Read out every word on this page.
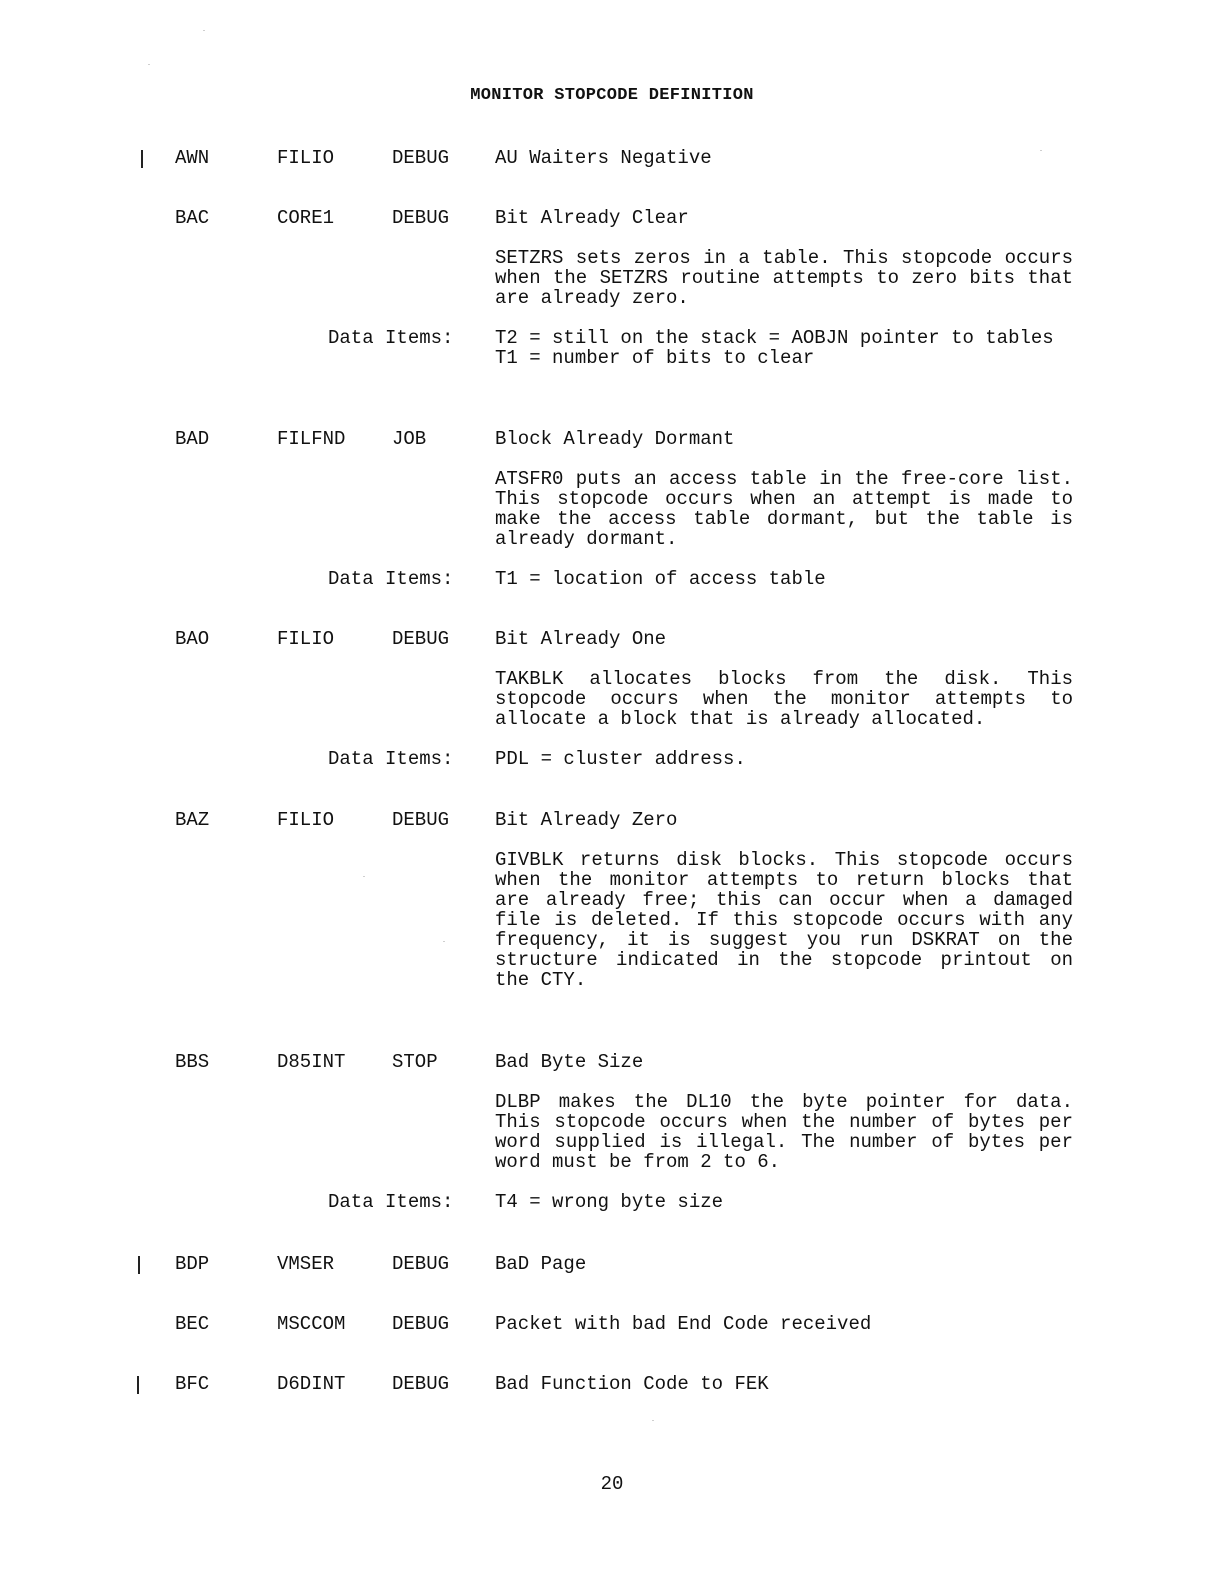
MONITOR STOPCODE DEFINITION
AWN	FILIO	DEBUG AU Waiters Negative
BAC	CORE1	DEBUG Bit Already Clear

SETZRS sets zeros in a table. This stopcode occurs when the SETZRS routine attempts to zero bits that are already zero.

Data Items: T2 = still on the stack = AOBJN pointer to tables
T1 = number of bits to clear
BAD	FILFND JOB	Block Already Dormant

ATSFR0 puts an access table in the free-core list. This stopcode occurs when an attempt is made to make the access table dormant, but the table is already dormant.

Data Items: T1 = location of access table
BAO	FILIO	DEBUG Bit Already One

TAKBLK allocates blocks from the disk. This stopcode occurs when the monitor attempts to allocate a block that is already allocated.

Data Items: PDL = cluster address.
BAZ	FILIO	DEBUG Bit Already Zero

GIVBLK returns disk blocks. This stopcode occurs when the monitor attempts to return blocks that are already free; this can occur when a damaged file is deleted. If this stopcode occurs with any frequency, it is suggest you run DSKRAT on the structure indicated in the stopcode printout on the CTY.

BBS	D85INT STOP	Bad Byte Size

DLBP makes the DL10 the byte pointer for data. This stopcode occurs when the number of bytes per word supplied is illegal. The number of bytes per word must be from 2 to 6.

Data Items: T4 = wrong byte size
BDP	VMSER	DEBUG BaD Page
BEC	MSCCOM DEBUG Packet with bad End Code received
BFC	D6DINT DEBUG Bad Function Code to FEK
20
